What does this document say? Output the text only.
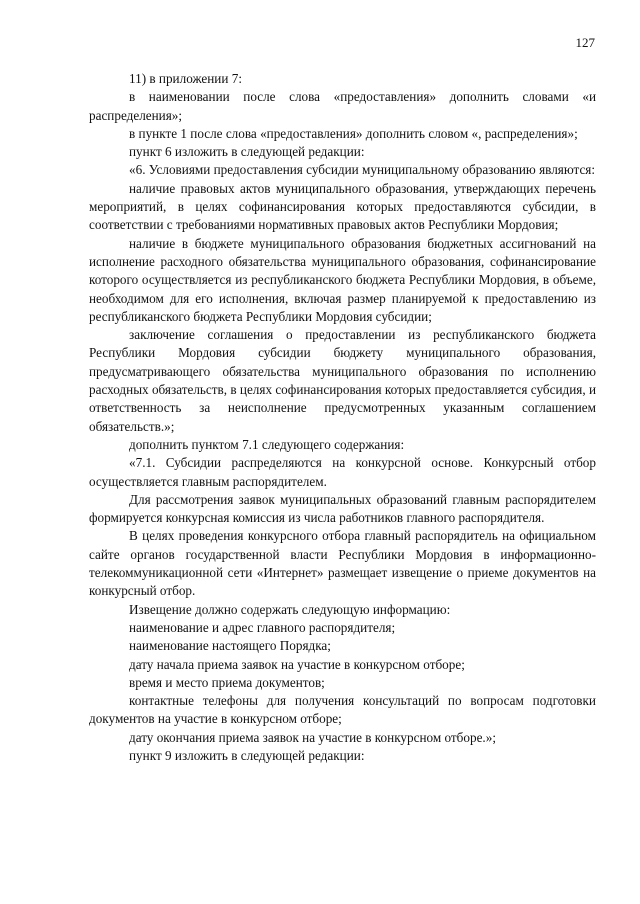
127

11) в приложении 7:

в наименовании после слова «предоставления» дополнить словами «и распределения»;

в пункте 1 после слова «предоставления» дополнить словом «, распределения»;

пункт 6 изложить в следующей редакции:

«6. Условиями предоставления субсидии муниципальному образованию являются:

наличие правовых актов муниципального образования, утверждающих перечень мероприятий, в целях софинансирования которых предоставляются субсидии, в соответствии с требованиями нормативных правовых актов Республики Мордовия;

наличие в бюджете муниципального образования бюджетных ассигнований на исполнение расходного обязательства муниципального образования, софинансирование которого осуществляется из республиканского бюджета Республики Мордовия, в объеме, необходимом для его исполнения, включая размер планируемой к предоставлению из республиканского бюджета Республики Мордовия субсидии;

заключение соглашения о предоставлении из республиканского бюджета Республики Мордовия субсидии бюджету муниципального образования, предусматривающего обязательства муниципального образования по исполнению расходных обязательств, в целях софинансирования которых предоставляется субсидия, и ответственность за неисполнение предусмотренных указанным соглашением обязательств.»;

дополнить пунктом 7.1 следующего содержания:

«7.1. Субсидии распределяются на конкурсной основе. Конкурсный отбор осуществляется главным распорядителем.

Для рассмотрения заявок муниципальных образований главным распорядителем формируется конкурсная комиссия из числа работников главного распорядителя.

В целях проведения конкурсного отбора главный распорядитель на официальном сайте органов государственной власти Республики Мордовия в информационно-телекоммуникационной сети «Интернет» размещает извещение о приеме документов на конкурсный отбор.

Извещение должно содержать следующую информацию:

наименование и адрес главного распорядителя;

наименование настоящего Порядка;

дату начала приема заявок на участие в конкурсном отборе;

время и место приема документов;

контактные телефоны для получения консультаций по вопросам подготовки документов на участие в конкурсном отборе;

дату окончания приема заявок на участие в конкурсном отборе.»;

пункт 9 изложить в следующей редакции:
